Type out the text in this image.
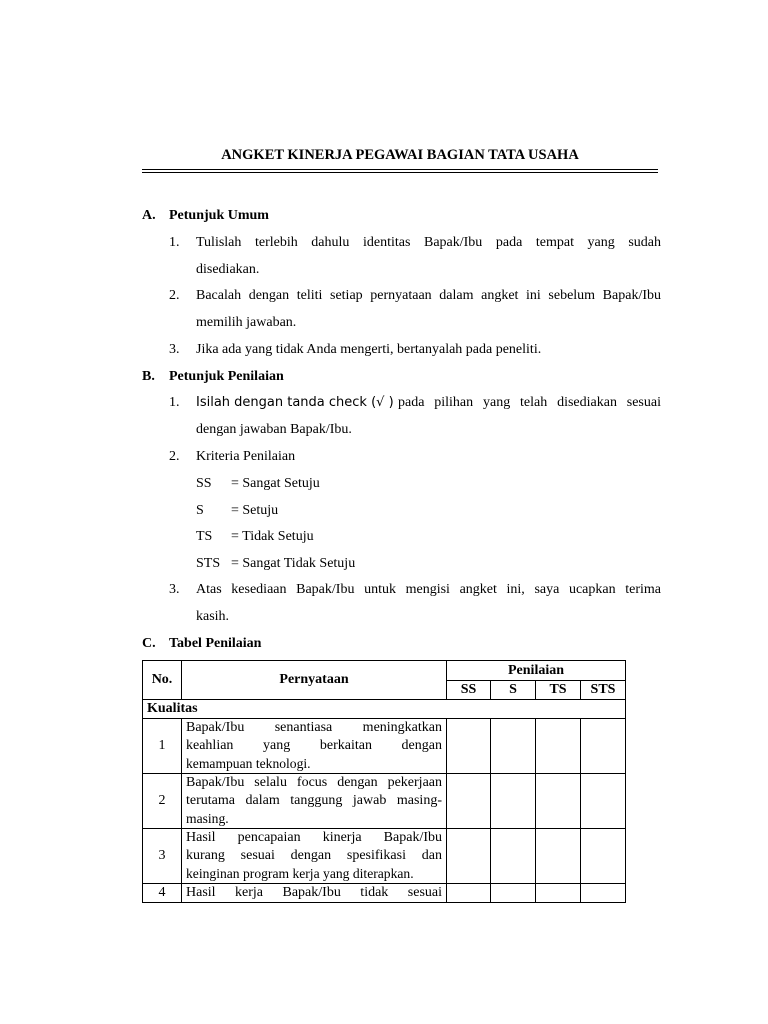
ANGKET KINERJA PEGAWAI BAGIAN TATA USAHA
A. Petunjuk Umum
1. Tulislah terlebih dahulu identitas Bapak/Ibu pada tempat yang sudah
disediakan.
2. Bacalah dengan teliti setiap pernyataan dalam angket ini sebelum Bapak/Ibu
memilih jawaban.
3. Jika ada yang tidak Anda mengerti, bertanyalah pada peneliti.
B. Petunjuk Penilaian
1. Isilah dengan tanda check (√ ) pada pilihan yang telah disediakan sesuai
dengan jawaban Bapak/Ibu.
2. Kriteria Penilaian
SS = Sangat Setuju
S = Setuju
TS = Tidak Setuju
STS = Sangat Tidak Setuju
3. Atas kesediaan Bapak/Ibu untuk mengisi angket ini, saya ucapkan terima
kasih.
C. Tabel Penilaian
No.	Pernyataan	Penilaian			
		SS	S	TS	STS
Kualitas					
1	Bapak/Ibu senantiasa meningkatkan
keahlian yang berkaitan dengan
kemampuan teknologi.				

2	Bapak/Ibu selalu focus dengan pekerjaan
terutama dalam tanggung jawab masing-
masing.				

3	Hasil pencapaian kinerja Bapak/Ibu
kurang sesuai dengan spesifikasi dan
keinginan program kerja yang diterapkan.				

4	Hasil kerja Bapak/Ibu tidak sesuai				
